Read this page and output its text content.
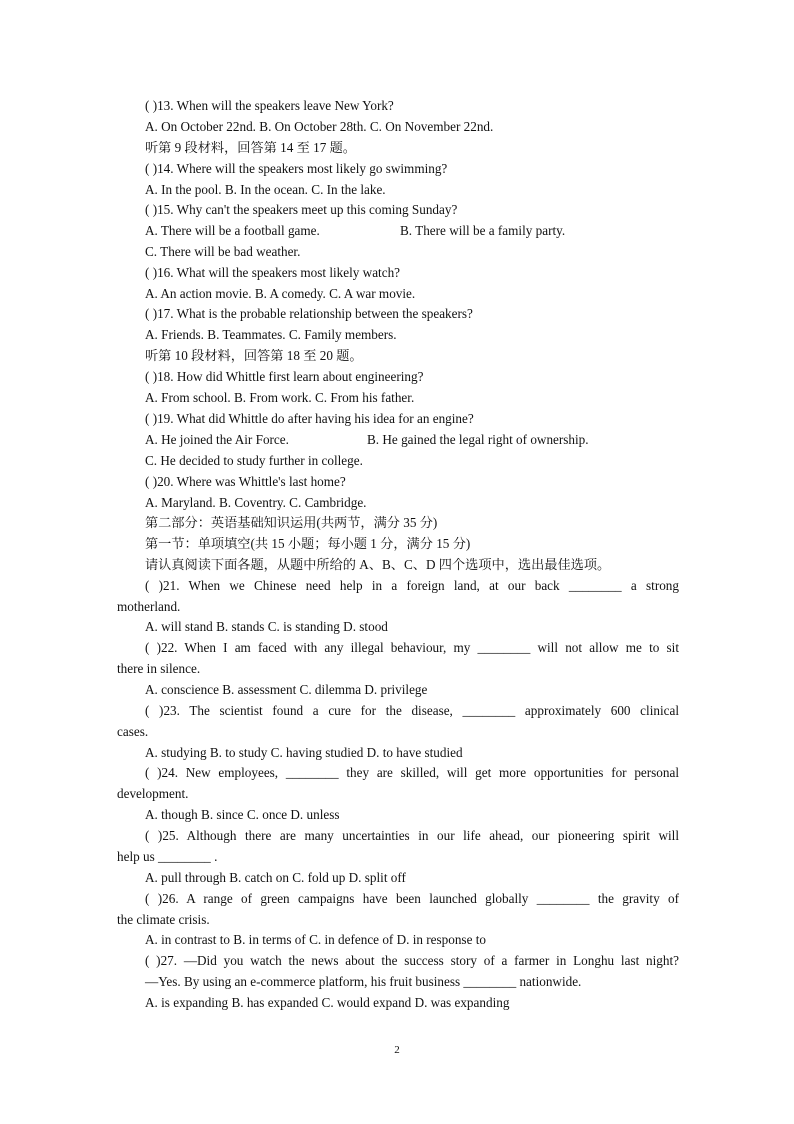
( )13. When will the speakers leave New York?
A. On October 22nd. B. On October 28th. C. On November 22nd.
听第 9 段材料，回答第 14 至 17 题。
( )14. Where will the speakers most likely go swimming?
A. In the pool. B. In the ocean. C. In the lake.
( )15. Why can't the speakers meet up this coming Sunday?
A. There will be a football game.	B. There will be a family party.
C. There will be bad weather.
( )16. What will the speakers most likely watch?
A. An action movie. B. A comedy. C. A war movie.
( )17. What is the probable relationship between the speakers?
A. Friends. B. Teammates. C. Family members.
听第 10 段材料，回答第 18 至 20 题。
( )18. How did Whittle first learn about engineering?
A. From school. B. From work. C. From his father.
( )19. What did Whittle do after having his idea for an engine?
A. He joined the Air Force.	B. He gained the legal right of ownership.
C. He decided to study further in college.
( )20. Where was Whittle's last home?
A. Maryland. B. Coventry. C. Cambridge.
第二部分：英语基础知识运用(共两节，满分 35 分)
第一节：单项填空(共 15 小题；每小题 1 分，满分 15 分)
请认真阅读下面各题，从题中所给的 A、B、C、D 四个选项中，选出最佳选项。
( )21. When we Chinese need help in a foreign land, at our back ________ a strong
motherland.
A. will stand B. stands C. is standing D. stood
( )22. When I am faced with any illegal behaviour, my ________ will not allow me to sit
there in silence.
A. conscience B. assessment C. dilemma D. privilege
( )23. The scientist found a cure for the disease, ________ approximately 600 clinical
cases.
A. studying B. to study C. having studied D. to have studied
( )24. New employees, ________ they are skilled, will get more opportunities for personal
development.
A. though B. since C. once D. unless
( )25. Although there are many uncertainties in our life ahead, our pioneering spirit will
help us ________ .
A. pull through B. catch on C. fold up D. split off
( )26. A range of green campaigns have been launched globally ________ the gravity of
the climate crisis.
A. in contrast to B. in terms of C. in defence of D. in response to
( )27. —Did you watch the news about the success story of a farmer in Longhu last night?
—Yes. By using an e-commerce platform, his fruit business ________ nationwide.
A. is expanding B. has expanded C. would expand D. was expanding
2
